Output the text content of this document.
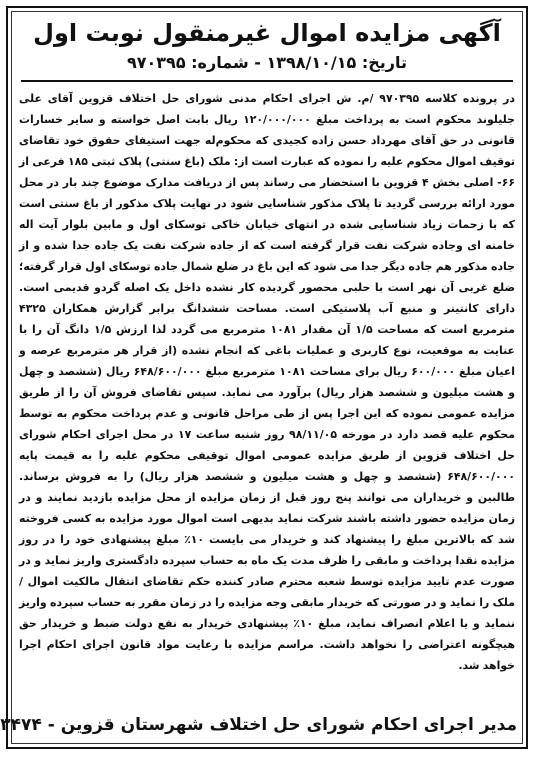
آگهی مزایده اموال غیرمنقول نوبت اول
تاریخ: ۱۳۹۸/۱۰/۱۵ - شماره: ۹۷۰۳۹۵
در پرونده کلاسه ۹۷۰۳۹۵ /م. ش اجرای احکام مدنی شورای حل اختلاف قزوین آقای علی جلیلوند محکوم است به پرداخت مبلغ ۱۲۰/۰۰۰/۰۰۰ ریال بابت اصل خواسته و سایر خسارات قانونی در حق آقای مهرداد حسن زاده کجیدی که محکوم‌له جهت استیفای حقوق خود تقاضای توقیف اموال محکوم علیه را نموده که عبارت است از: ملک (باغ سنتی) پلاک ثبتی ۱۸۵ فرعی از ۶۶- اصلی بخش ۴ قزوین با استحضار می رساند پس از دریافت مدارک موضوع چند بار در محل مورد ارائه بررسی گردید تا پلاک مذکور شناسایی شود در نهایت پلاک مذکور از باغ سنتی است که با زحمات زیاد شناسایی شده در انتهای خیابان خاکی توسکای اول و مابین بلوار آیت اله خامنه ای وجاده شرکت نفت قرار گرفته است که از جاده شرکت نفت یک جاده جدا شده و از جاده مذکور هم جاده دیگر جدا می شود که این باغ در ضلع شمال جاده توسکای اول قرار گرفته؛ ضلع غربی آن نهر است با حلبی محصور گردیده کار نشده داخل یک اصله گردو قدیمی است. دارای کانتینر و منبع آب پلاستیکی است. مساحت ششدانگ برابر گزارش همکاران ۴۳۲۵ مترمربع است که مساحت ۱/۵ آن مقدار ۱۰۸۱ مترمربع می گردد لذا ارزش ۱/۵ دانگ آن را با عنایت به موقعیت، نوع کاربری و عملیات باغی که انجام نشده (از قرار هر مترمربع عرصه و اعیان مبلغ ۶۰۰/۰۰۰ ریال برای مساحت ۱۰۸۱ مترمربع مبلغ ۶۴۸/۶۰۰/۰۰۰ ریال (ششصد و چهل و هشت میلیون و ششصد هزار ریال) برآورد می نماید. سپس تقاضای فروش آن را از طریق مزایده عمومی نموده که این اجرا پس از طی مراحل قانونی و عدم پرداخت محکوم به توسط محکوم علیه قصد دارد در مورخه ۹۸/۱۱/۰۵ روز شنبه ساعت ۱۷ در محل اجرای احکام شورای حل اختلاف قزوین از طریق مزایده عمومی اموال توقیفی محکوم علیه را به قیمت پایه ۶۴۸/۶۰۰/۰۰۰ (ششصد و چهل و هشت میلیون و ششصد هزار ریال) را به فروش برساند. طالبین و خریداران می توانند پنج روز قبل از زمان مزایده از محل مزایده بازدید نمایند و در زمان مزایده حضور داشته باشند شرکت نماید بدیهی است اموال مورد مزایده به کسی فروخته شد که بالاترین مبلغ را پیشنهاد کند و خریدار می بایست ۱۰٪ مبلغ پیشنهادی خود را در روز مزایده نقدا پرداخت و مابقی را ظرف مدت یک ماه به حساب سپرده دادگستری واریز نماید و در صورت عدم تایید مزایده توسط شعبه محترم صادر کننده حکم تقاضای انتقال مالکیت اموال / ملک را نماید و در صورتی که خریدار مابقی وجه مزایده را در زمان مقرر به حساب سپرده واریز ننماید و یا اعلام انصراف نماید، مبلغ ۱۰٪ پیشنهادی خریدار به نفع دولت ضبط و خریدار حق هیچگونه اعتراضی را نخواهد داشت. مراسم مزایده با رعایت مواد قانون اجرای احکام اجرا خواهد شد.
مدیر اجرای احکام شورای حل اختلاف شهرستان قزوین - ۳۴۷۴
